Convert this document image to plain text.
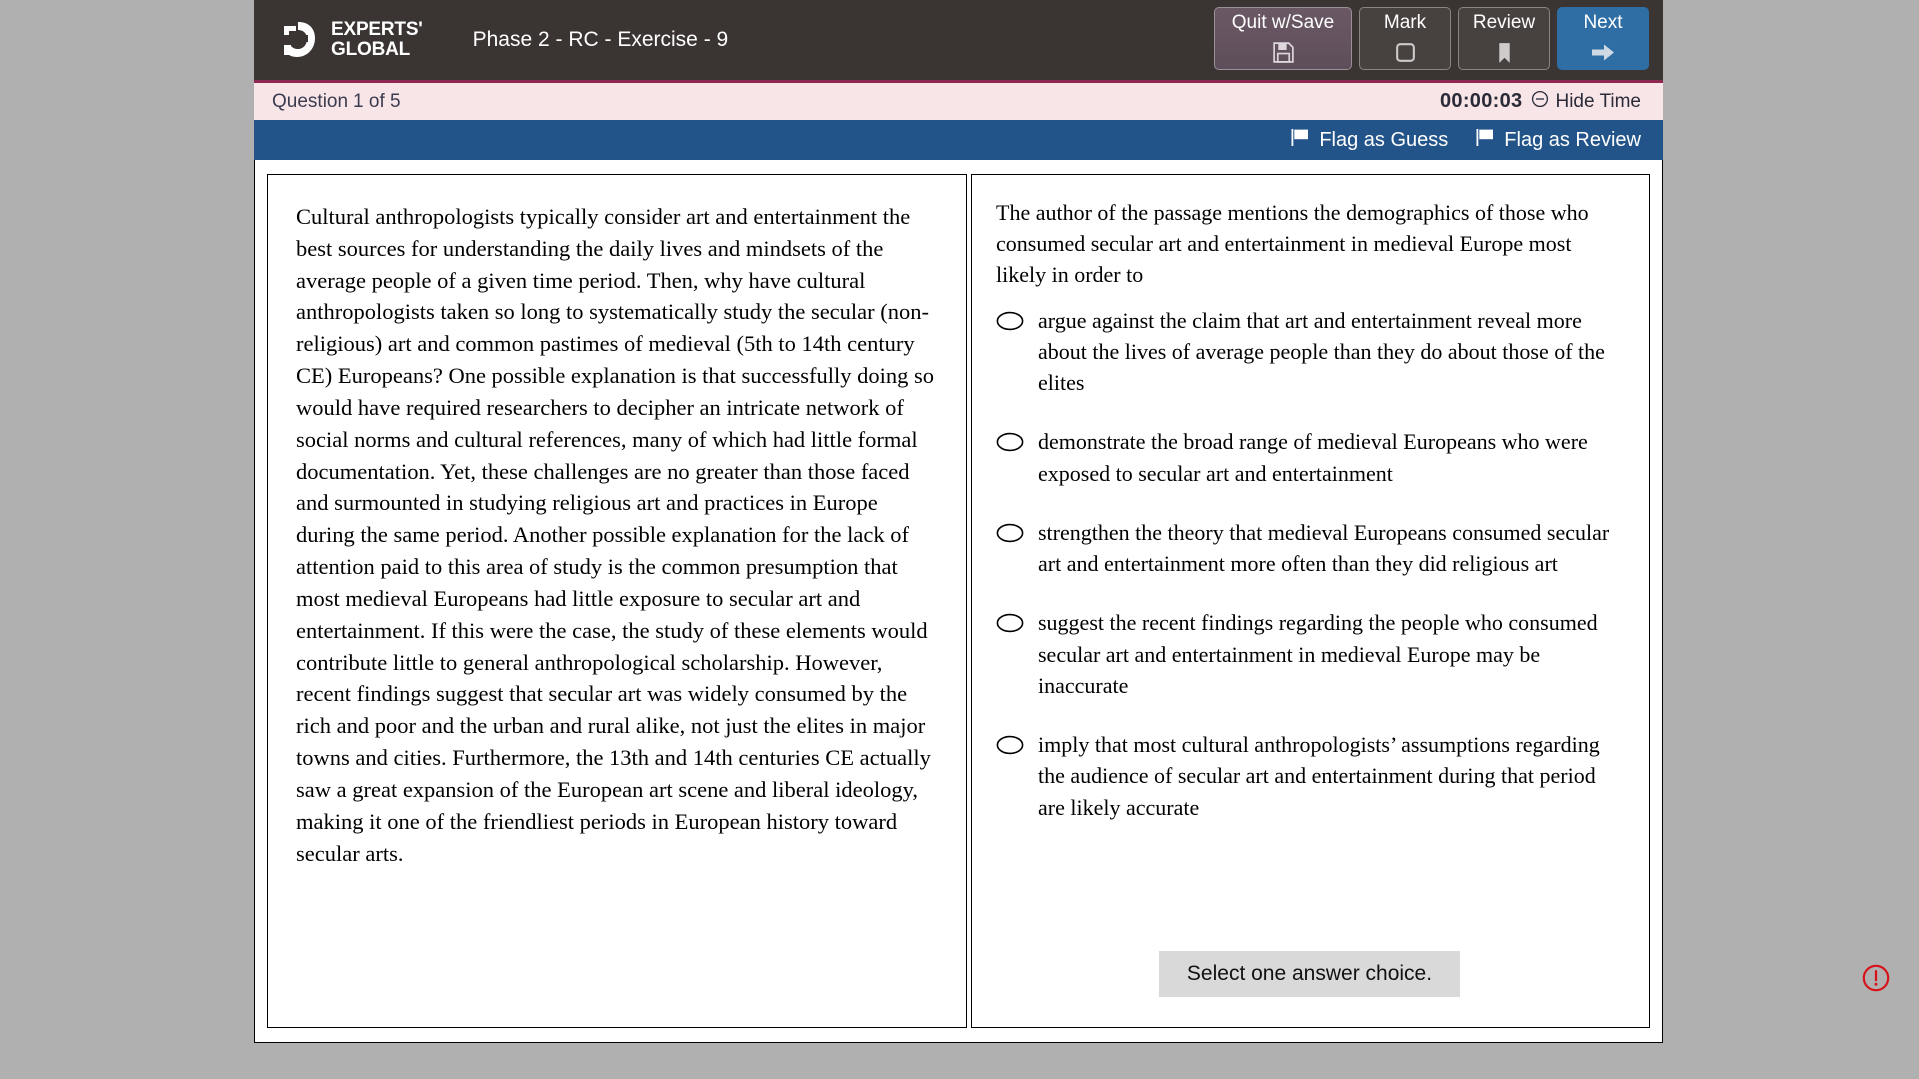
EXPERTS'
GLOBAL	Phase 2 - RC - Exercise - 9
Quit w/Save	Mark	Review	Next
Question 1 of 5	00:00:03 Hide Time
Flag as Guess	Flag as Review
Cultural anthropologists typically consider art and entertainment the best sources for understanding the daily lives and mindsets of the average people of a given time period. Then, why have cultural anthropologists taken so long to systematically study the secular (non-religious) art and common pastimes of medieval (5th to 14th century CE) Europeans? One possible explanation is that successfully doing so would have required researchers to decipher an intricate network of social norms and cultural references, many of which had little formal documentation. Yet, these challenges are no greater than those faced and surmounted in studying religious art and practices in Europe during the same period. Another possible explanation for the lack of attention paid to this area of study is the common presumption that most medieval Europeans had little exposure to secular art and entertainment. If this were the case, the study of these elements would contribute little to general anthropological scholarship. However, recent findings suggest that secular art was widely consumed by the rich and poor and the urban and rural alike, not just the elites in major towns and cities. Furthermore, the 13th and 14th centuries CE actually saw a great expansion of the European art scene and liberal ideology, making it one of the friendliest periods in European history toward secular arts.
The author of the passage mentions the demographics of those who consumed secular art and entertainment in medieval Europe most likely in order to
argue against the claim that art and entertainment reveal more about the lives of average people than they do about those of the elites
demonstrate the broad range of medieval Europeans who were exposed to secular art and entertainment
strengthen the theory that medieval Europeans consumed secular art and entertainment more often than they did religious art
suggest the recent findings regarding the people who consumed secular art and entertainment in medieval Europe may be inaccurate
imply that most cultural anthropologists’ assumptions regarding the audience of secular art and entertainment during that period are likely accurate
Select one answer choice.
